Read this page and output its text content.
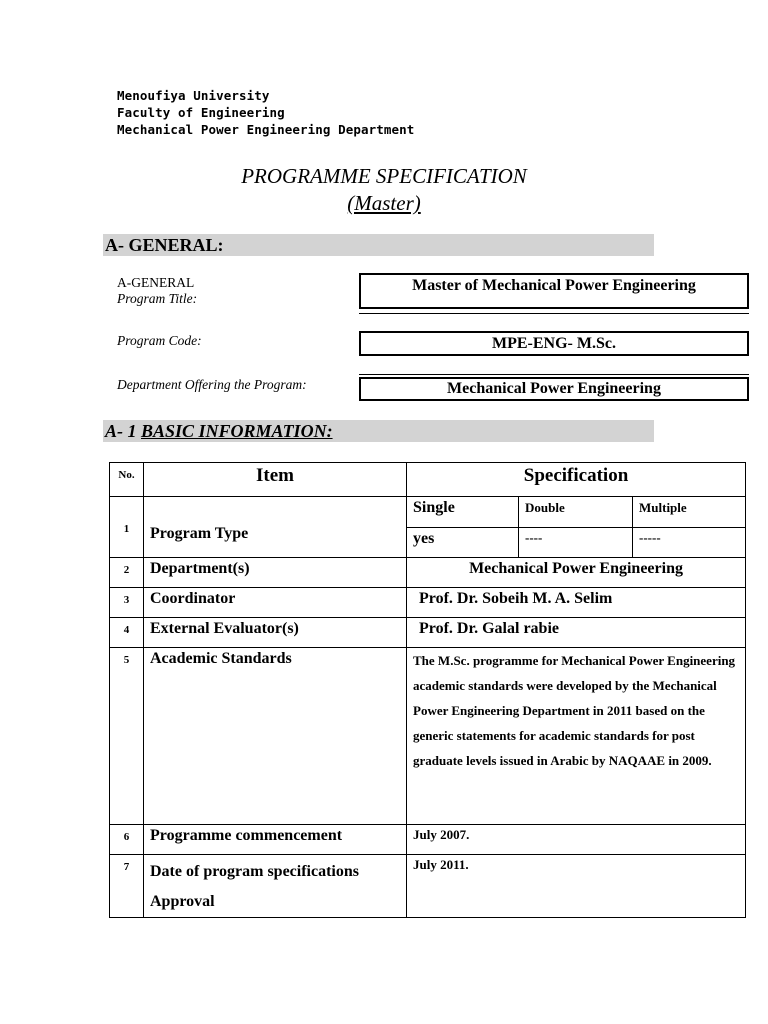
Menoufiya University
Faculty of Engineering
Mechanical Power Engineering Department
PROGRAMME SPECIFICATION
(Master)
A- GENERAL:
A-GENERAL
Program Title:
Master of Mechanical Power Engineering
Program Code:	MPE-ENG- M.Sc.
Department Offering the Program:	Mechanical Power Engineering
A- 1 BASIC INFORMATION:
No.	Item	Specification		
1	Program Type	Single	Double	Multiple
		yes	----	-----
2	Department(s)	Mechanical Power Engineering		
3	Coordinator	Prof. Dr. Sobeih M. A. Selim		
4	External Evaluator(s)	Prof. Dr. Galal rabie		
5	Academic Standards	The M.Sc. programme for Mechanical Power Engineering academic standards were developed by the Mechanical Power Engineering Department in 2011 based on the generic statements for academic standards for post graduate levels issued in Arabic by NAQAAE in 2009.		
6	Programme commencement	July 2007.		
7	Date of program specifications Approval	July 2011.		
